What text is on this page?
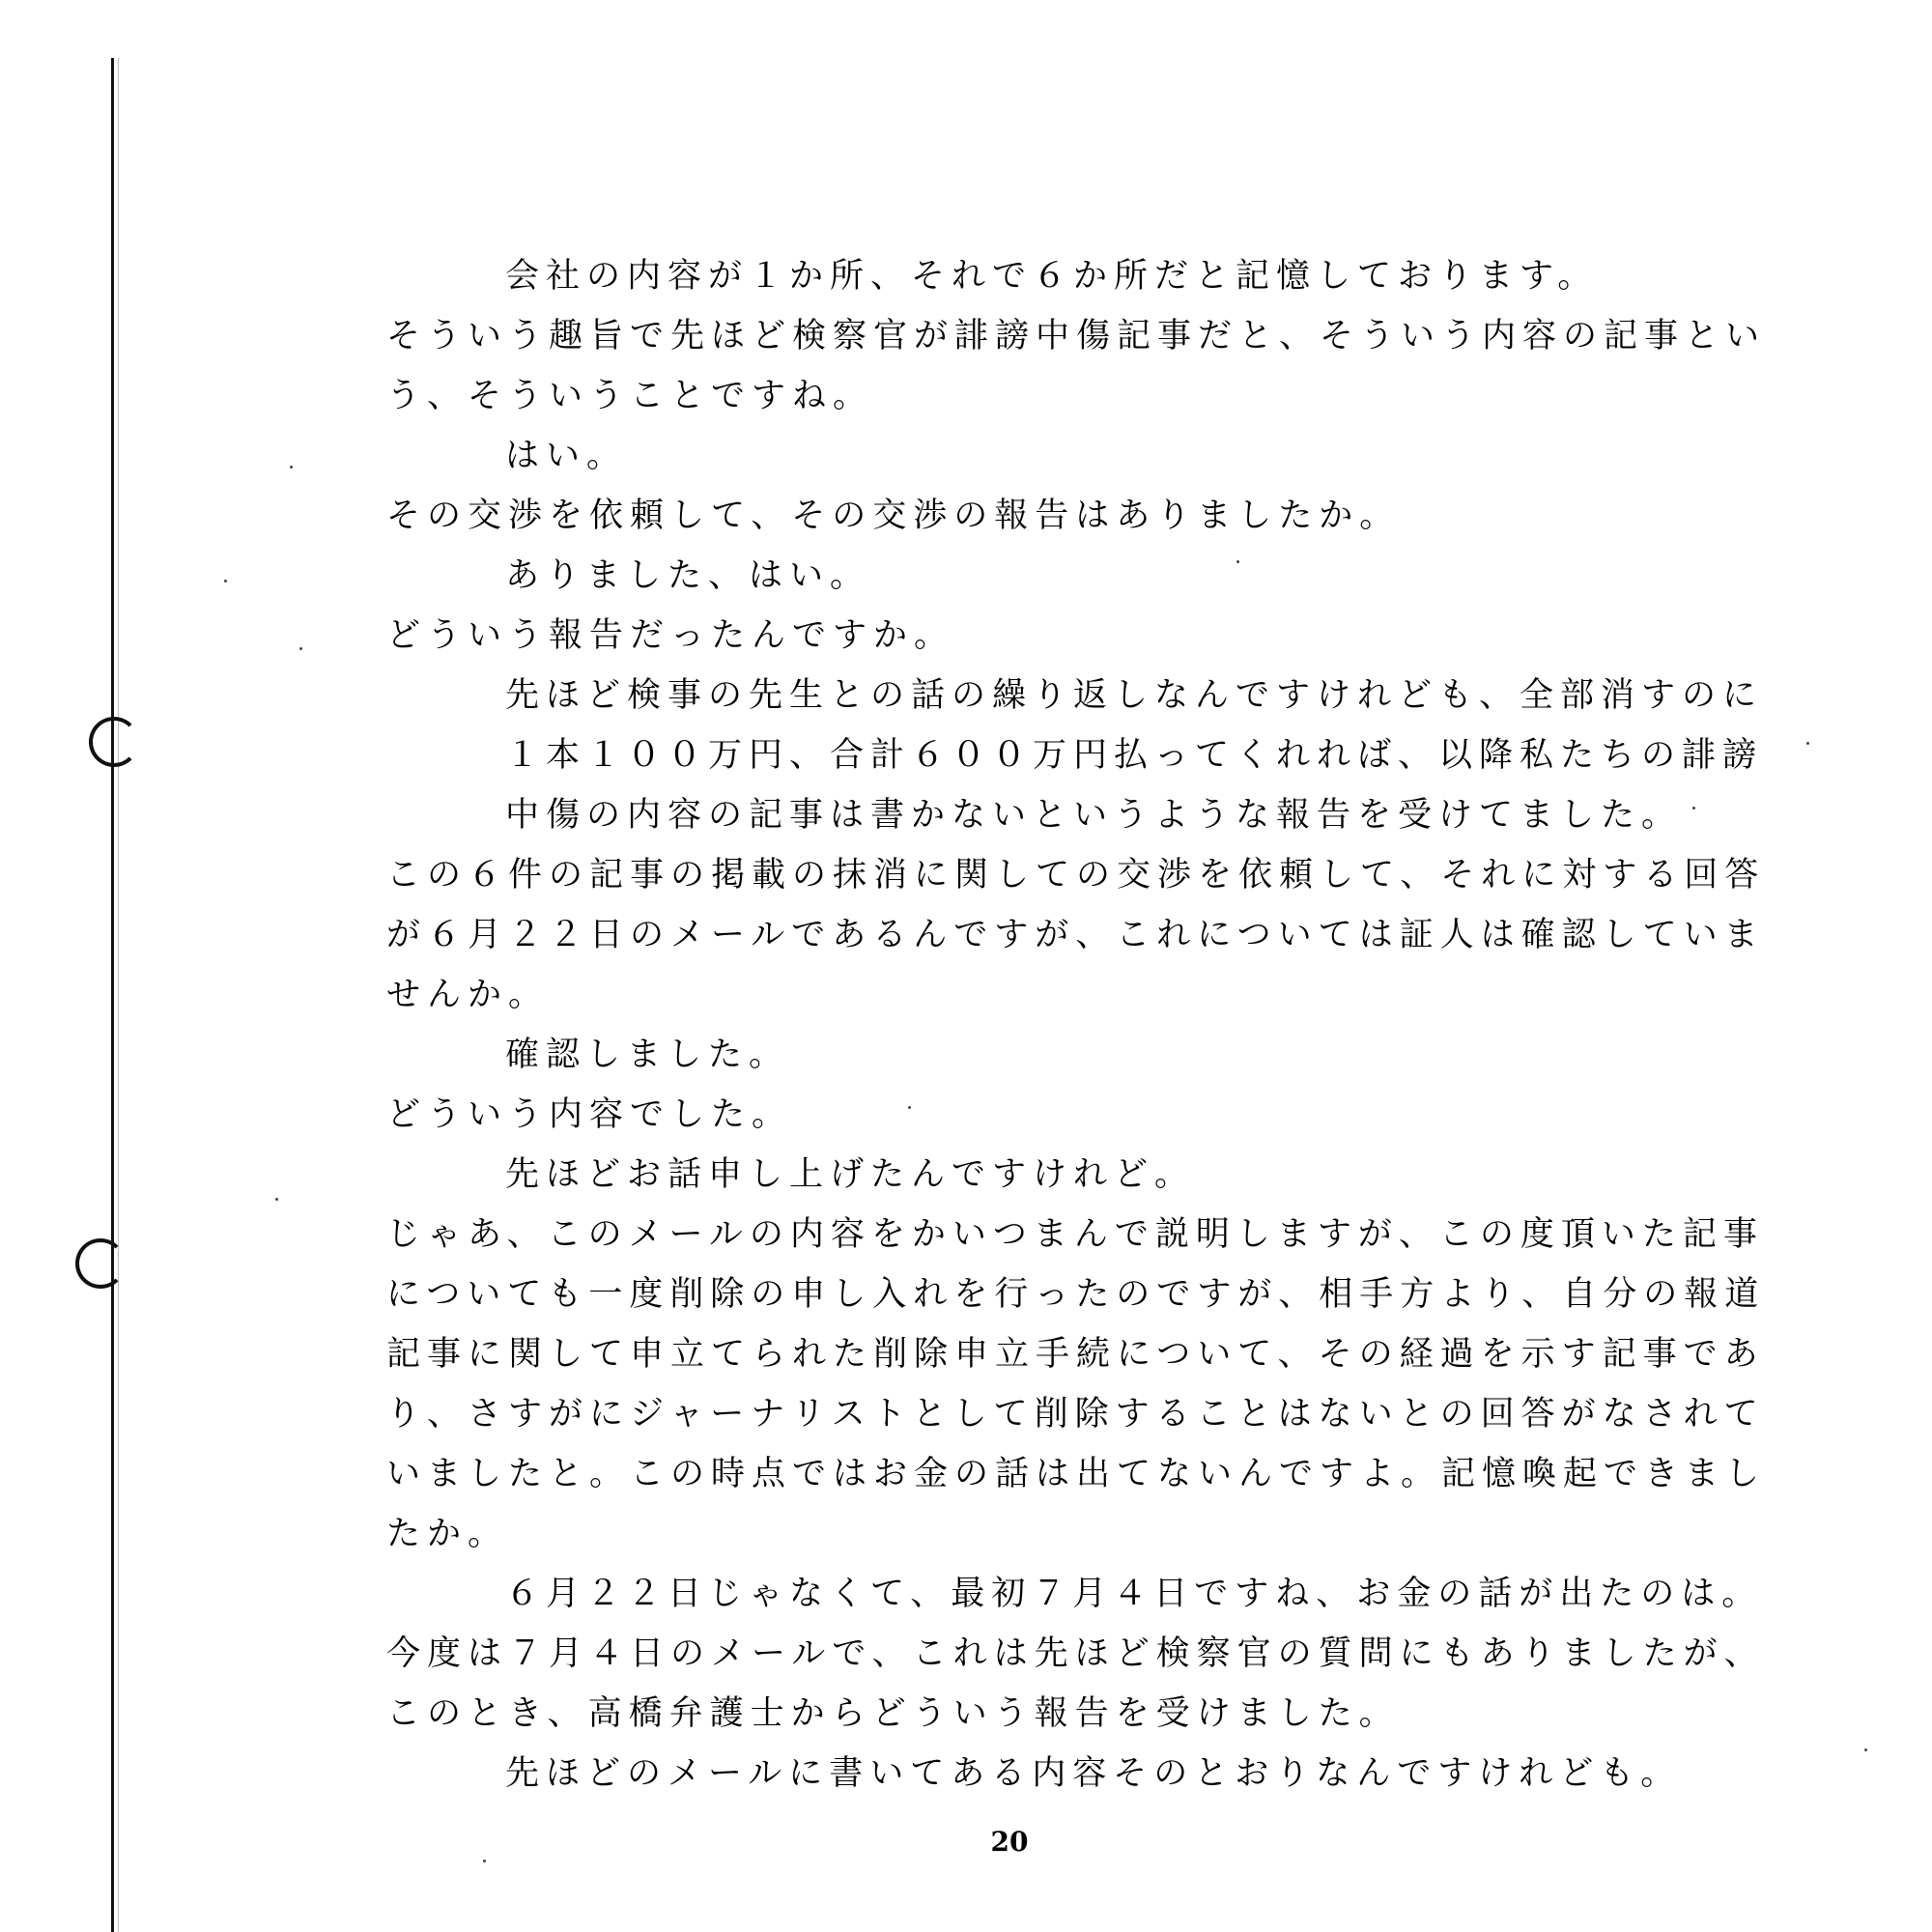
会社の内容が１か所、それで６か所だと記憶しております。
そういう趣旨で先ほど検察官が誹謗中傷記事だと、そういう内容の記事とい
う、そういうことですね。
はい。
その交渉を依頼して、その交渉の報告はありましたか。
ありました、はい。
どういう報告だったんですか。
先ほど検事の先生との話の繰り返しなんですけれども、全部消すのに
１本１００万円、合計６００万円払ってくれれば、以降私たちの誹謗
中傷の内容の記事は書かないというような報告を受けてました。
この６件の記事の掲載の抹消に関しての交渉を依頼して、それに対する回答
が６月２２日のメールであるんですが、これについては証人は確認していま
せんか。
確認しました。
どういう内容でした。
先ほどお話申し上げたんですけれど。
じゃあ、このメールの内容をかいつまんで説明しますが、この度頂いた記事
についても一度削除の申し入れを行ったのですが、相手方より、自分の報道
記事に関して申立てられた削除申立手続について、その経過を示す記事であ
り、さすがにジャーナリストとして削除することはないとの回答がなされて
いましたと。この時点ではお金の話は出てないんですよ。記憶喚起できまし
たか。
６月２２日じゃなくて、最初７月４日ですね、お金の話が出たのは。
今度は７月４日のメールで、これは先ほど検察官の質問にもありましたが、
このとき、高橋弁護士からどういう報告を受けました。
先ほどのメールに書いてある内容そのとおりなんですけれども。
20
